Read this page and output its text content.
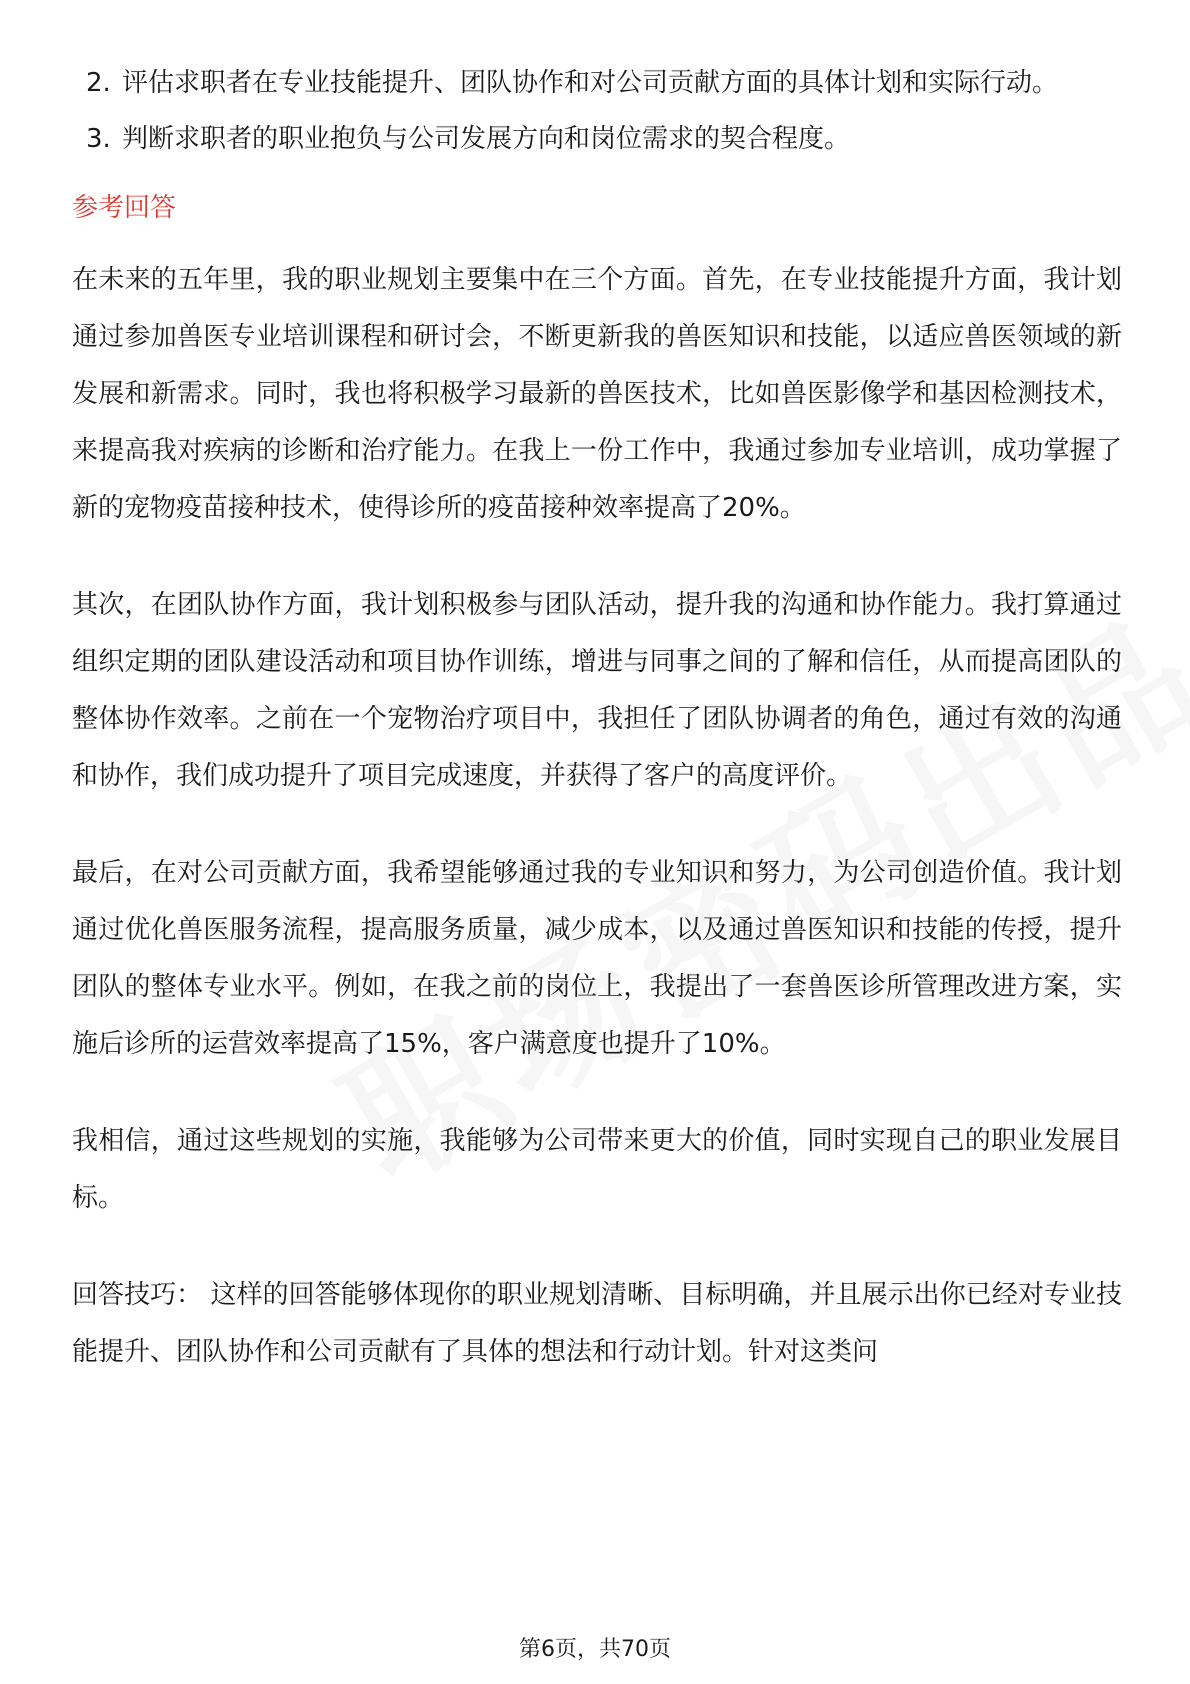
2. 评估求职者在专业技能提升、团队协作和对公司贡献方面的具体计划和实际行动。
3. 判断求职者的职业抱负与公司发展方向和岗位需求的契合程度。
参考回答

在未来的五年里，我的职业规划主要集中在三个方面。首先，在专业技能提升方面，我计划通过参加兽医专业培训课程和研讨会，不断更新我的兽医知识和技能，以适应兽医领域的新发展和新需求。同时，我也将积极学习最新的兽医技术，比如兽医影像学和基因检测技术，来提高我对疾病的诊断和治疗能力。在我上一份工作中，我通过参加专业培训，成功掌握了新的宠物疫苗接种技术，使得诊所的疫苗接种效率提高了20%。

其次，在团队协作方面，我计划积极参与团队活动，提升我的沟通和协作能力。我打算通过组织定期的团队建设活动和项目协作训练，增进与同事之间的了解和信任，从而提高团队的整体协作效率。之前在一个宠物治疗项目中，我担任了团队协调者的角色，通过有效的沟通和协作，我们成功提升了项目完成速度，并获得了客户的高度评价。

最后，在对公司贡献方面，我希望能够通过我的专业知识和努力，为公司创造价值。我计划通过优化兽医服务流程，提高服务质量，减少成本，以及通过兽医知识和技能的传授，提升团队的整体专业水平。例如，在我之前的岗位上，我提出了一套兽医诊所管理改进方案，实施后诊所的运营效率提高了15%，客户满意度也提升了10%。

我相信，通过这些规划的实施，我能够为公司带来更大的价值，同时实现自己的职业发展目标。

回答技巧： 这样的回答能够体现你的职业规划清晰、目标明确，并且展示出你已经对专业技能提升、团队协作和公司贡献有了具体的想法和行动计划。针对这类问

第6页，共70页
